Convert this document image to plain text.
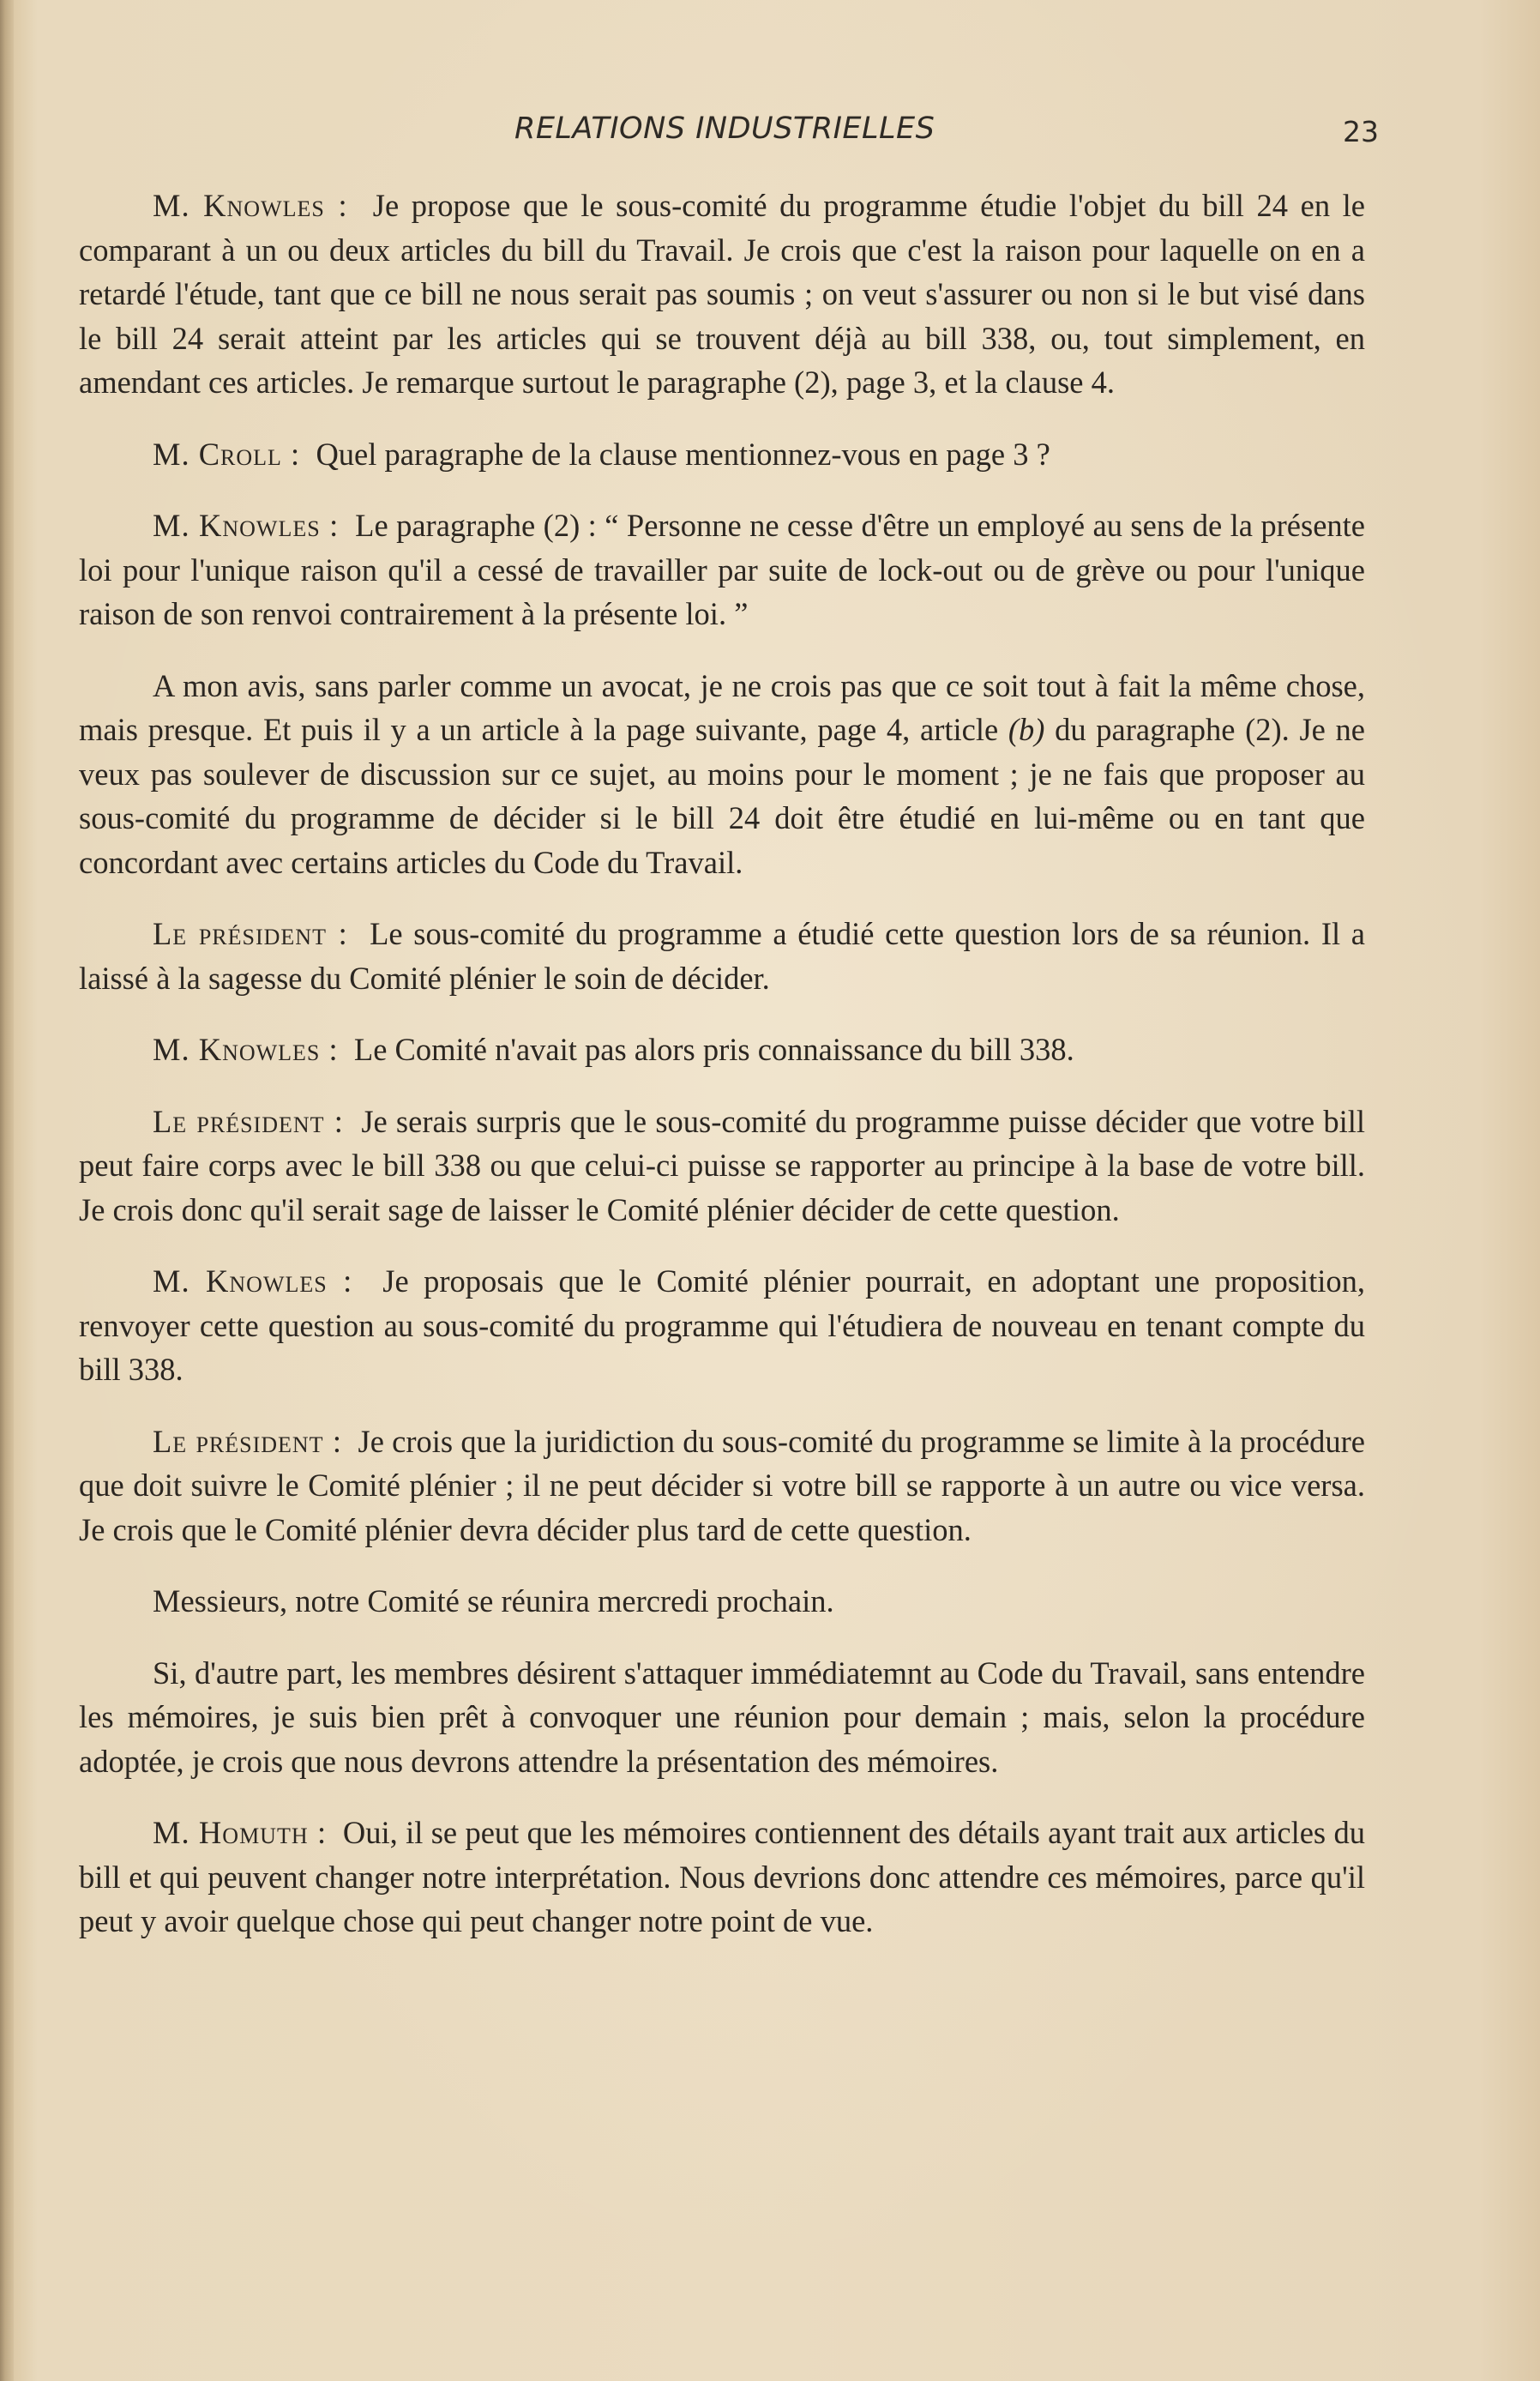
RELATIONS INDUSTRIELLES	23

M. Knowles : Je propose que le sous-comité du programme étudie l'objet du bill 24 en le comparant à un ou deux articles du bill du Travail. Je crois que c'est la raison pour laquelle on en a retardé l'étude, tant que ce bill ne nous serait pas soumis ; on veut s'assurer ou non si le but visé dans le bill 24 serait atteint par les articles qui se trouvent déjà au bill 338, ou, tout simplement, en amendant ces articles. Je remarque surtout le paragraphe (2), page 3, et la clause 4.

M. Croll : Quel paragraphe de la clause mentionnez-vous en page 3 ?

M. Knowles : Le paragraphe (2) : “ Personne ne cesse d'être un employé au sens de la présente loi pour l'unique raison qu'il a cessé de travailler par suite de lock-out ou de grève ou pour l'unique raison de son renvoi contrairement à la présente loi. ”

A mon avis, sans parler comme un avocat, je ne crois pas que ce soit tout à fait la même chose, mais presque. Et puis il y a un article à la page suivante, page 4, article (b) du paragraphe (2). Je ne veux pas soulever de discussion sur ce sujet, au moins pour le moment ; je ne fais que proposer au sous-comité du programme de décider si le bill 24 doit être étudié en lui-même ou en tant que concordant avec certains articles du Code du Travail.

Le président : Le sous-comité du programme a étudié cette question lors de sa réunion. Il a laissé à la sagesse du Comité plénier le soin de décider.

M. Knowles : Le Comité n'avait pas alors pris connaissance du bill 338.

Le président : Je serais surpris que le sous-comité du programme puisse décider que votre bill peut faire corps avec le bill 338 ou que celui-ci puisse se rapporter au principe à la base de votre bill. Je crois donc qu'il serait sage de laisser le Comité plénier décider de cette question.

M. Knowles : Je proposais que le Comité plénier pourrait, en adoptant une proposition, renvoyer cette question au sous-comité du programme qui l'étudiera de nouveau en tenant compte du bill 338.

Le président : Je crois que la juridiction du sous-comité du programme se limite à la procédure que doit suivre le Comité plénier ; il ne peut décider si votre bill se rapporte à un autre ou vice versa. Je crois que le Comité plénier devra décider plus tard de cette question.

Messieurs, notre Comité se réunira mercredi prochain.

Si, d'autre part, les membres désirent s'attaquer immédiatemnt au Code du Travail, sans entendre les mémoires, je suis bien prêt à convoquer une réunion pour demain ; mais, selon la procédure adoptée, je crois que nous devrons attendre la présentation des mémoires.

M. Homuth : Oui, il se peut que les mémoires contiennent des détails ayant trait aux articles du bill et qui peuvent changer notre interprétation. Nous devrions donc attendre ces mémoires, parce qu'il peut y avoir quelque chose qui peut changer notre point de vue.
